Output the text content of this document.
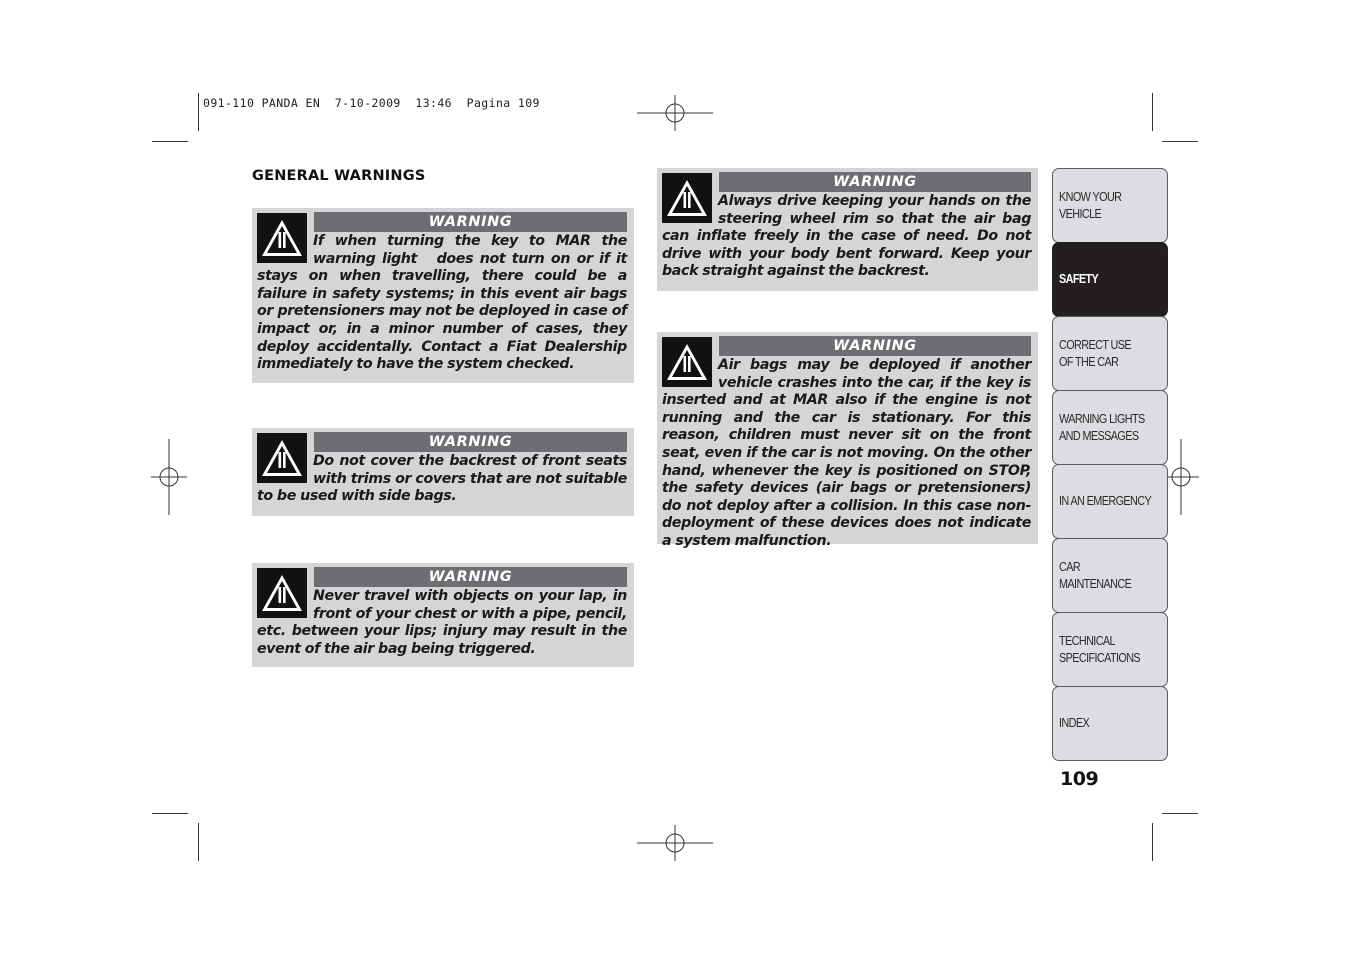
091-110 PANDA EN  7-10-2009  13:46  Pagina 109
GENERAL WARNINGS
WARNING
If when turning the key to MAR the warning light   does not turn on or if it stays on when travelling, there could be a failure in safety systems; in this event air bags or pretensioners may not be deployed in case of impact or, in a minor number of cases, they deploy accidentally. Contact a Fiat Dealership immediately to have the system checked.
WARNING
Do not cover the backrest of front seats with trims or covers that are not suitable to be used with side bags.
WARNING
Never travel with objects on your lap, in front of your chest or with a pipe, pencil, etc. between your lips; injury may result in the event of the air bag being triggered.
WARNING
Always drive keeping your hands on the steering wheel rim so that the air bag can inflate freely in the case of need. Do not drive with your body bent forward. Keep your back straight against the backrest.
WARNING
Air bags may be deployed if another vehicle crashes into the car, if the key is inserted and at MAR also if the engine is not running and the car is stationary. For this reason, children must never sit on the front seat, even if the car is not moving. On the other hand, whenever the key is positioned on STOP, the safety devices (air bags or pretensioners) do not deploy after a collision. In this case non-deployment of these devices does not indicate a system malfunction.
KNOW YOUR
VEHICLE
SAFETY
CORRECT USE
OF THE CAR
WARNING LIGHTS
AND MESSAGES
IN AN EMERGENCY
CAR
MAINTENANCE
TECHNICAL
SPECIFICATIONS
INDEX
109
